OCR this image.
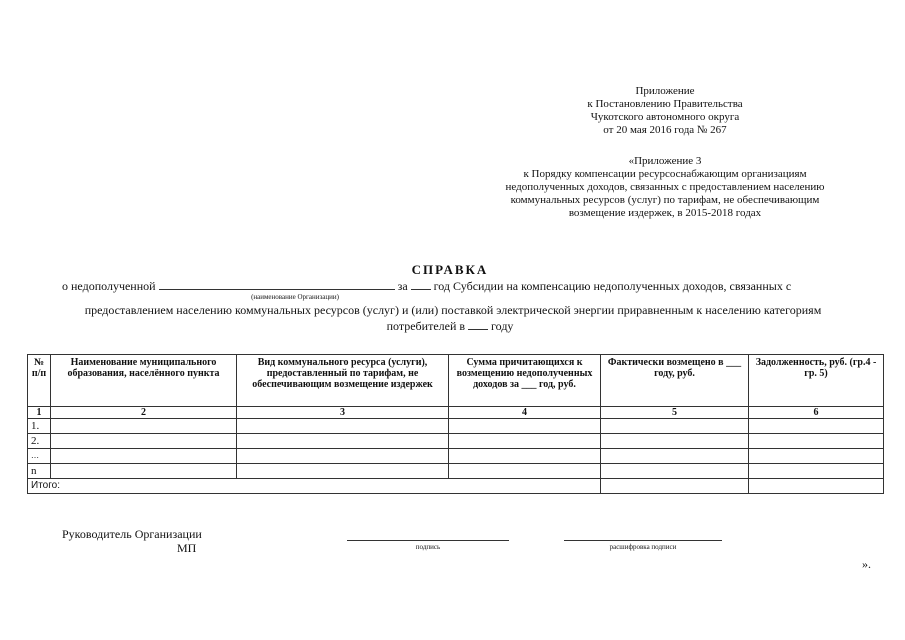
Приложение
к Постановлению Правительства
Чукотского автономного округа
от 20 мая 2016 года № 267
«Приложение 3
к Порядку компенсации ресурсоснабжающим организациям
недополученных доходов, связанных с предоставлением населению
коммунальных ресурсов (услуг) по тарифам, не обеспечивающим
возмещение издержек, в 2015-2018 годах
СПРАВКА
о недополученной	за год Субсидии на компенсацию недополученных доходов, связанных с
(наименование Организации)
предоставлением населению коммунальных ресурсов (услуг) и (или) поставкой электрической энергии приравненным к населению категориям
потребителей в году
№ п/п	Наименование муниципального образования, населённого пункта	Вид коммунального ресурса (услуги), предоставленный по тарифам, не обеспечивающим возмещение издержек	Сумма причитающихся к возмещению недополученных доходов за ___ год, руб.	Фактически возмещено в ___ году, руб.	Задолженность, руб. (гр.4 - гр. 5)
1	2	3	4	5	6
1.					
2.					
…					
n					
Итого:					
Руководитель Организации
МП	подпись	расшифровка подписи
».
